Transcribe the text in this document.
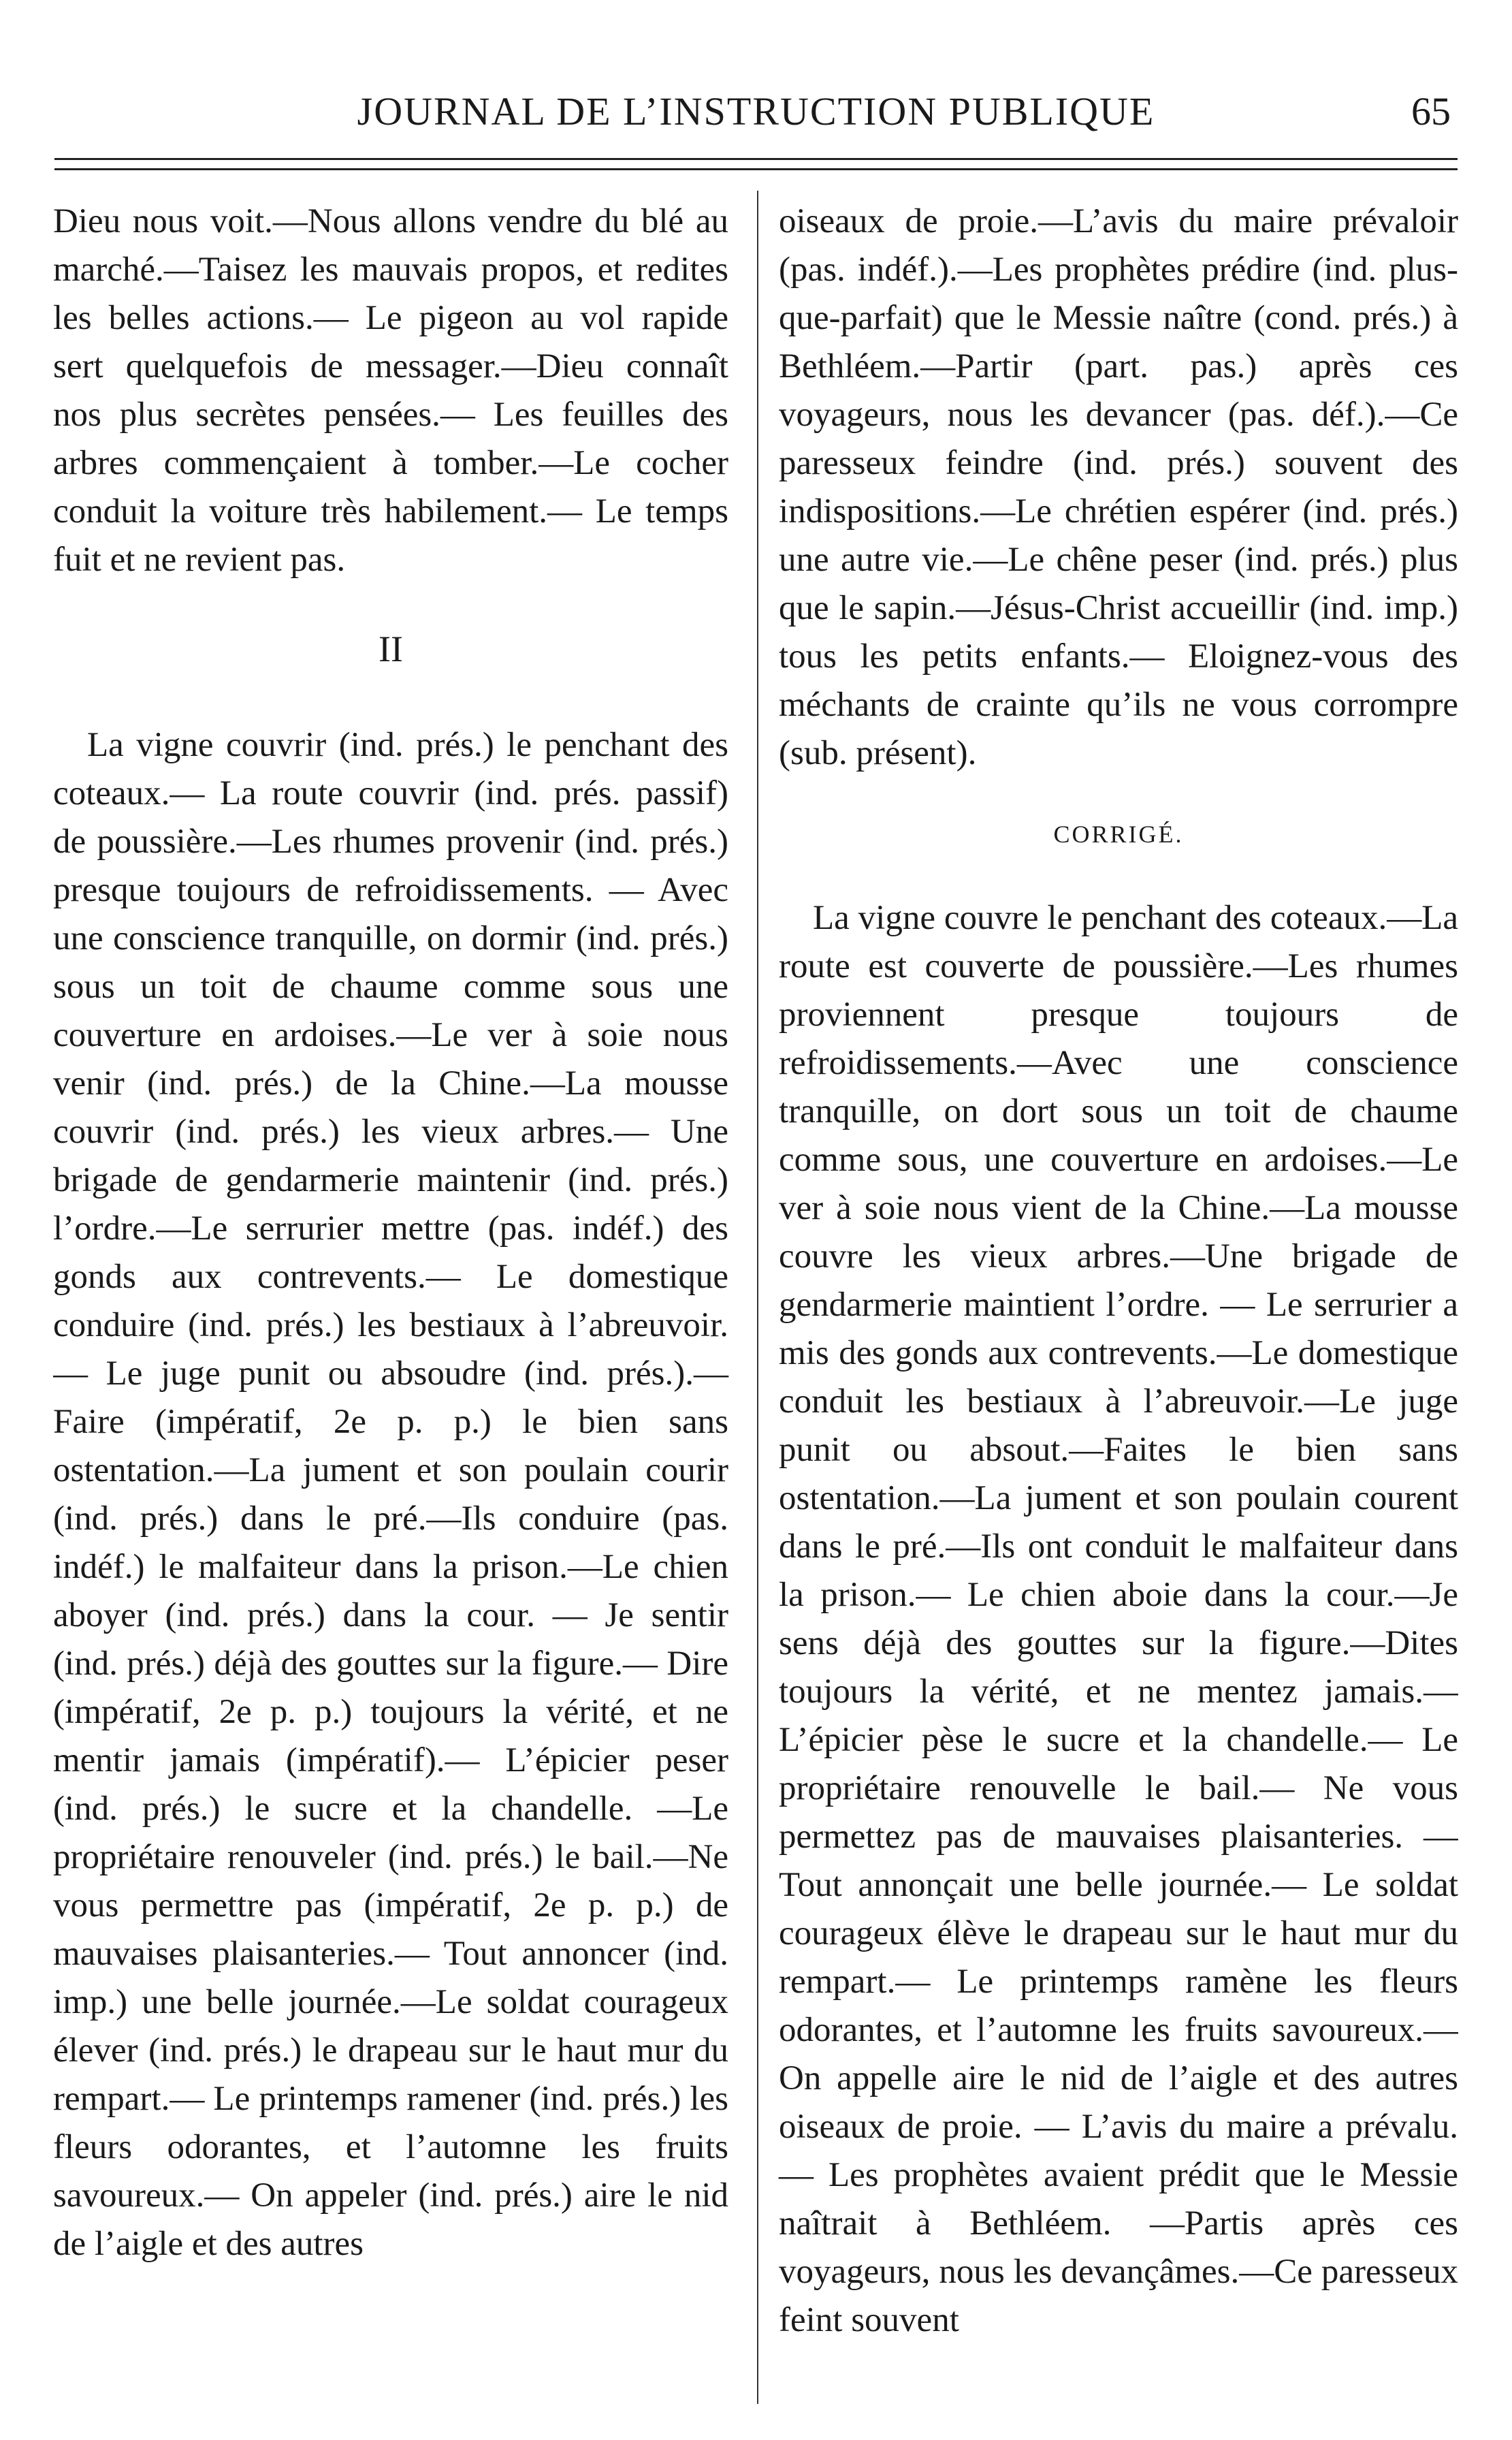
JOURNAL DE L’INSTRUCTION PUBLIQUE	65

Dieu nous voit.—Nous allons vendre du blé au marché.—Taisez les mauvais propos, et redites les belles actions.— Le pigeon au vol rapide sert quelquefois de messager.—Dieu connaît nos plus secrètes pensées.— Les feuilles des arbres commençaient à tomber.—Le cocher conduit la voiture très habilement.— Le temps fuit et ne revient pas.

II

La vigne couvrir (ind. prés.) le penchant des coteaux.— La route couvrir (ind. prés. passif) de poussière.—Les rhumes provenir (ind. prés.) presque toujours de refroidissements. — Avec une conscience tranquille, on dormir (ind. prés.) sous un toit de chaume comme sous une couverture en ardoises.—Le ver à soie nous venir (ind. prés.) de la Chine.—La mousse couvrir (ind. prés.) les vieux arbres.— Une brigade de gendarmerie maintenir (ind. prés.) l’ordre.—Le serrurier mettre (pas. indéf.) des gonds aux contrevents.— Le domestique conduire (ind. prés.) les bestiaux à l’abreuvoir.— Le juge punit ou absoudre (ind. prés.).— Faire (impératif, 2e p. p.) le bien sans ostentation.—La jument et son poulain courir (ind. prés.) dans le pré.—Ils conduire (pas. indéf.) le malfaiteur dans la prison.—Le chien aboyer (ind. prés.) dans la cour. — Je sentir (ind. prés.) déjà des gouttes sur la figure.— Dire (impératif, 2e p. p.) toujours la vérité, et ne mentir jamais (impératif).— L’épicier peser (ind. prés.) le sucre et la chandelle. —Le propriétaire renouveler (ind. prés.) le bail.—Ne vous permettre pas (impératif, 2e p. p.) de mauvaises plaisanteries.— Tout annoncer (ind. imp.) une belle journée.—Le soldat courageux élever (ind. prés.) le drapeau sur le haut mur du rempart.— Le printemps ramener (ind. prés.) les fleurs odorantes, et l’automne les fruits savoureux.— On appeler (ind. prés.) aire le nid de l’aigle et des autres

oiseaux de proie.—L’avis du maire prévaloir (pas. indéf.).—Les prophètes prédire (ind. plus-que-parfait) que le Messie naître (cond. prés.) à Bethléem.—Partir (part. pas.) après ces voyageurs, nous les devancer (pas. déf.).—Ce paresseux feindre (ind. prés.) souvent des indispositions.—Le chrétien espérer (ind. prés.) une autre vie.—Le chêne peser (ind. prés.) plus que le sapin.—Jésus-Christ accueillir (ind. imp.) tous les petits enfants.— Eloignez-vous des méchants de crainte qu’ils ne vous corrompre (sub. présent).

CORRIGÉ.

La vigne couvre le penchant des coteaux.—La route est couverte de poussière.—Les rhumes proviennent presque toujours de refroidissements.—Avec une conscience tranquille, on dort sous un toit de chaume comme sous, une couverture en ardoises.—Le ver à soie nous vient de la Chine.—La mousse couvre les vieux arbres.—Une brigade de gendarmerie maintient l’ordre. — Le serrurier a mis des gonds aux contrevents.—Le domestique conduit les bestiaux à l’abreuvoir.—Le juge punit ou absout.—Faites le bien sans ostentation.—La jument et son poulain courent dans le pré.—Ils ont conduit le malfaiteur dans la prison.— Le chien aboie dans la cour.—Je sens déjà des gouttes sur la figure.—Dites toujours la vérité, et ne mentez jamais.— L’épicier pèse le sucre et la chandelle.— Le propriétaire renouvelle le bail.— Ne vous permettez pas de mauvaises plaisanteries. — Tout annonçait une belle journée.— Le soldat courageux élève le drapeau sur le haut mur du rempart.— Le printemps ramène les fleurs odorantes, et l’automne les fruits savoureux.— On appelle aire le nid de l’aigle et des autres oiseaux de proie. — L’avis du maire a prévalu.— Les prophètes avaient prédit que le Messie naîtrait à Bethléem. —Partis après ces voyageurs, nous les devançâmes.—Ce paresseux feint souvent
